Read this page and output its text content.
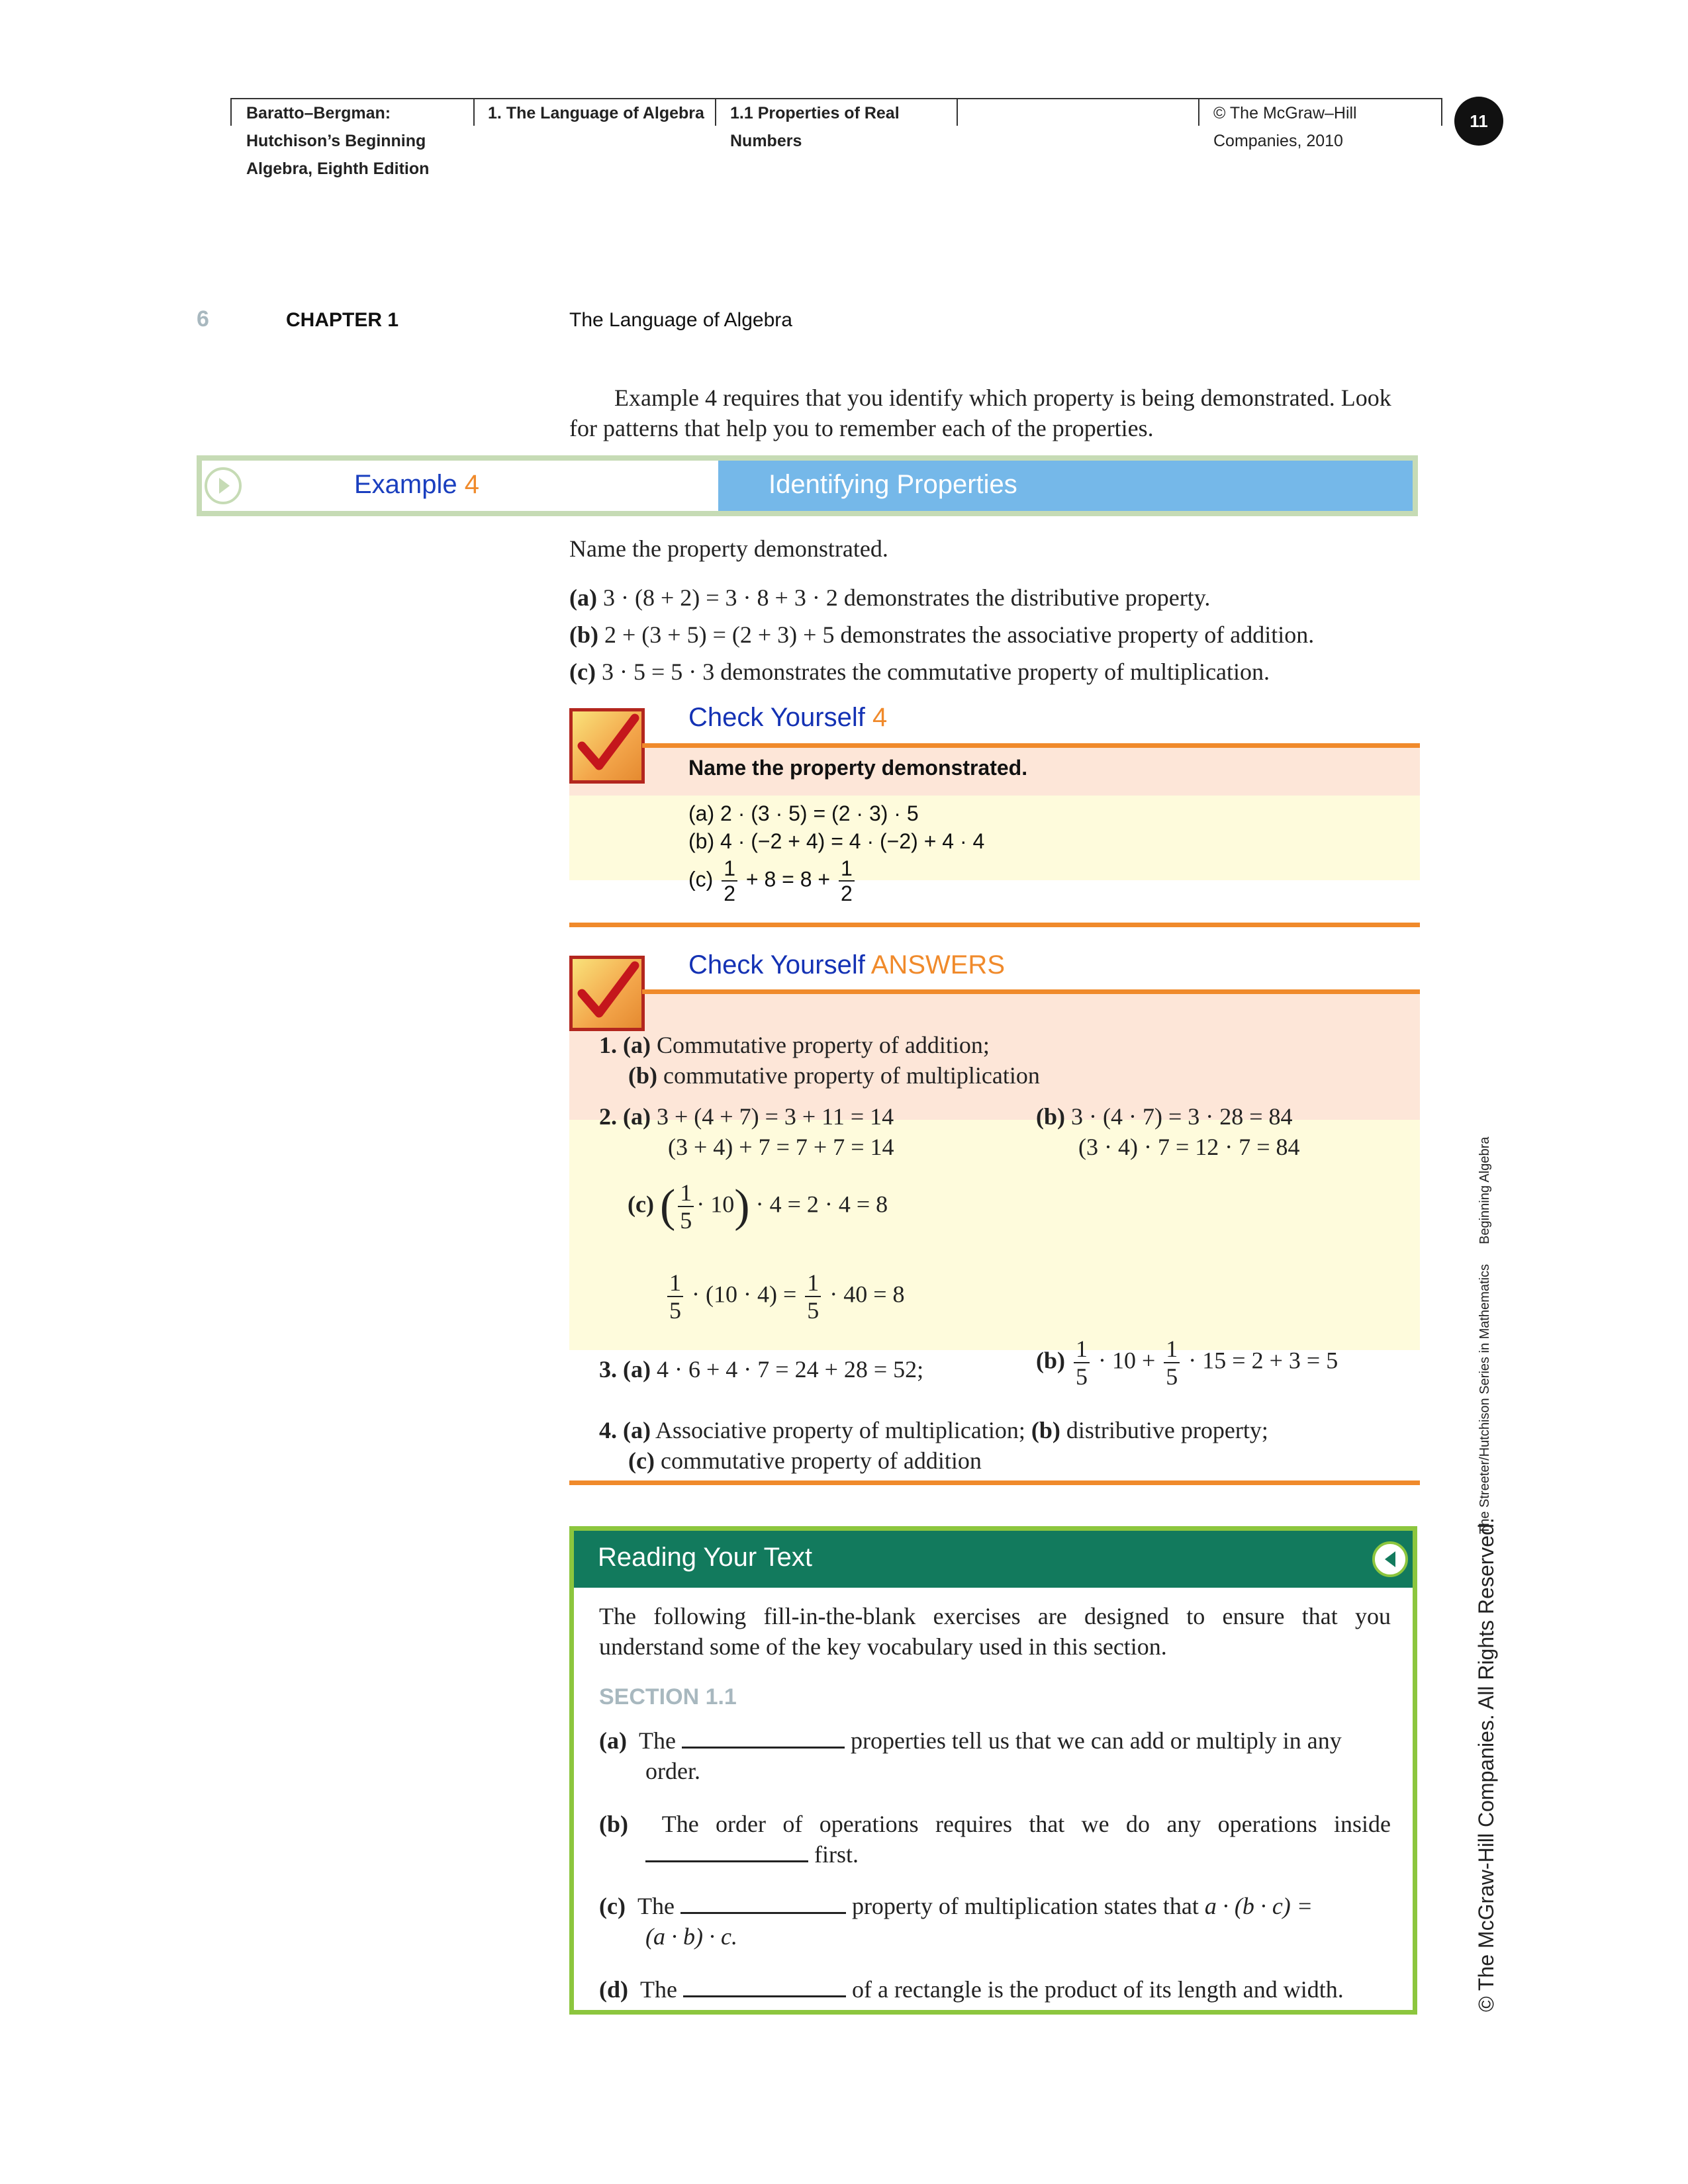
Baratto–Bergman:
Hutchison’s Beginning
Algebra, Eighth Edition
1. The Language of Algebra 1.1 Properties of Real
Numbers
© The McGraw–Hill
Companies, 2010
11
6	CHAPTER 1	The Language of Algebra
Example 4 requires that you identify which property is being demonstrated. Look
for patterns that help you to remember each of the properties.
Example 4	Identifying Properties
Name the property demonstrated.
(a) 3 · (8 + 2) = 3 · 8 + 3 · 2 demonstrates the distributive property.
(b) 2 + (3 + 5) = (2 + 3) + 5 demonstrates the associative property of addition.
(c) 3 · 5 = 5 · 3 demonstrates the commutative property of multiplication.
Check Yourself 4
Name the property demonstrated.
(a) 2 · (3 · 5) = (2 · 3) · 5
(b) 4 · (−2 + 4) = 4 · (−2) + 4 · 4
$(c) \frac{1}{2} + 8 = 8 + \frac{1}{2}$
Check Yourself ANSWERS
1. (a) Commutative property of addition;
(b) commutative property of multiplication
2. (a) 3 + (4 + 7) = 3 + 11 = 14
(3 + 4) + 7 = 7 + 7 = 14
(b) 3 · (4 · 7) = 3 · 28 = 84
(3 · 4) · 7 = 12 · 7 = 84
(c) ( $\frac{1}{5} \cdot 10) \cdot 4 = 2 \cdot 4 = 8$
$\frac{1}{5} \cdot (10 \cdot 4) = \frac{1}{5} \cdot 40 = 8$
3. (a) 4 · 6 + 4 · 7 = 24 + 28 = 52;	$(b) \frac{1}{5} \cdot 10 + \frac{1}{5} \cdot 15 = 2 + 3 = 5$
4. (a) Associative property of multiplication; (b) distributive property;
(c) commutative property of addition
Reading Your Text
The following fill-in-the-blank exercises are designed to ensure that you
understand some of the key vocabulary used in this section.
SECTION 1.1
(a) The	properties tell us that we can add or multiply in any
order.
(b) The order of operations requires that we do any operations inside
first.
(c) The	property of multiplication states that a · (b · c) =
(a · b) · c.
(d) The	of a rectangle is the product of its length and width.	© The McGraw-Hill Companies. All Rights Reserved.
The Streeter/Hutchison Series in Mathematics
Beginning Algebra
